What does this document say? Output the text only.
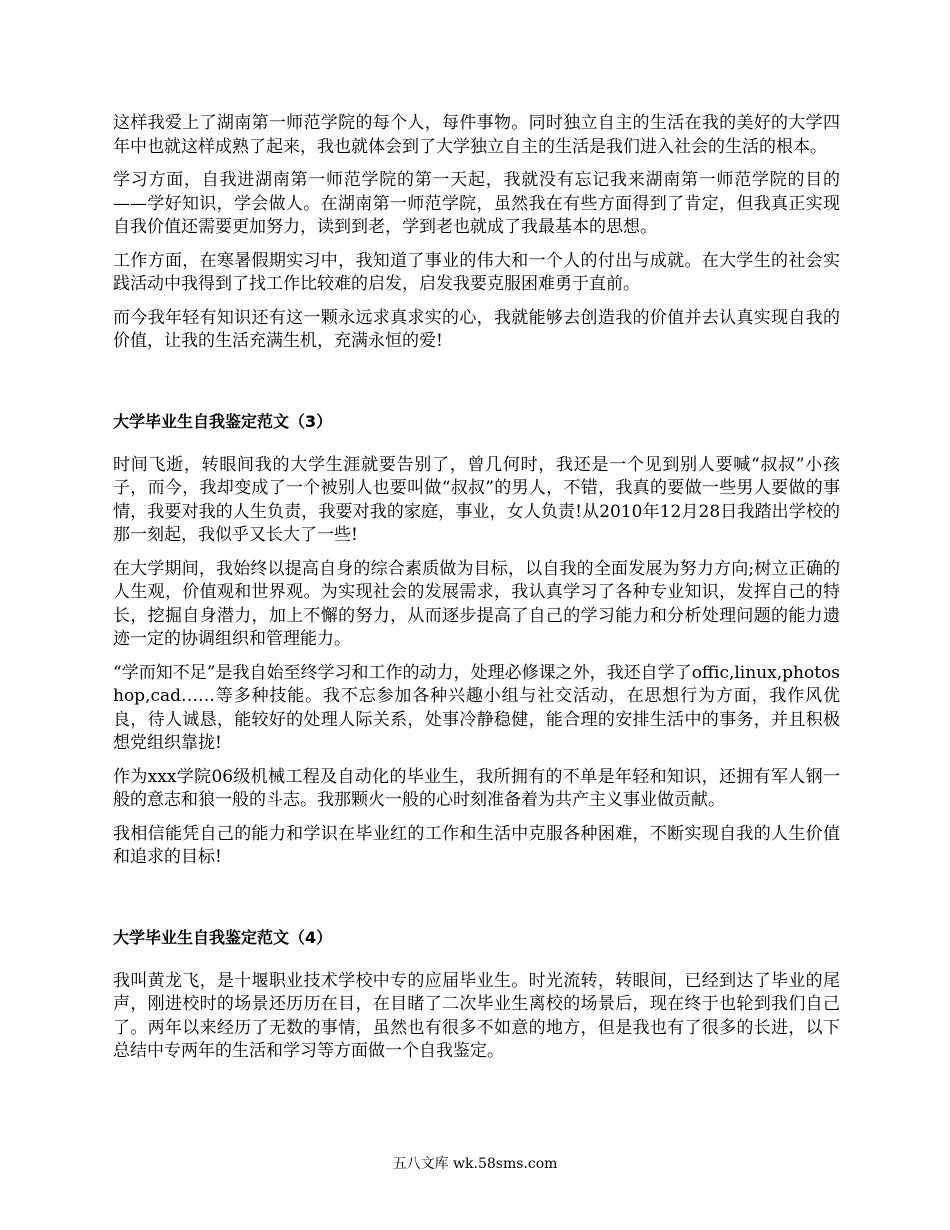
这样我爱上了湖南第一师范学院的每个人，每件事物。同时独立自主的生活在我的美好的大学四年中也就这样成熟了起来，我也就体会到了大学独立自主的生活是我们进入社会的生活的根本。

学习方面，自我进湖南第一师范学院的第一天起，我就没有忘记我来湖南第一师范学院的目的——学好知识，学会做人。在湖南第一师范学院，虽然我在有些方面得到了肯定，但我真正实现自我价值还需要更加努力，读到到老，学到老也就成了我最基本的思想。

工作方面，在寒暑假期实习中，我知道了事业的伟大和一个人的付出与成就。在大学生的社会实践活动中我得到了找工作比较难的启发，启发我要克服困难勇于直前。

而今我年轻有知识还有这一颗永远求真求实的心，我就能够去创造我的价值并去认真实现自我的价值，让我的生活充满生机，充满永恒的爱!

大学毕业生自我鉴定范文（3）

时间飞逝，转眼间我的大学生涯就要告别了，曾几何时，我还是一个见到别人要喊“叔叔”小孩子，而今，我却变成了一个被别人也要叫做“叔叔”的男人，不错，我真的要做一些男人要做的事情，我要对我的人生负责，我要对我的家庭，事业，女人负责!从2010年12月28日我踏出学校的那一刻起，我似乎又长大了一些!

在大学期间，我始终以提高自身的综合素质做为目标，以自我的全面发展为努力方向;树立正确的人生观，价值观和世界观。为实现社会的发展需求，我认真学习了各种专业知识，发挥自己的特长，挖掘自身潜力，加上不懈的努力，从而逐步提高了自己的学习能力和分析处理问题的能力遗迹一定的协调组织和管理能力。

“学而知不足”是我自始至终学习和工作的动力，处理必修课之外，我还自学了offic,linux,photoshop,cad……等多种技能。我不忘参加各种兴趣小组与社交活动，在思想行为方面，我作风优良，待人诚恳，能较好的处理人际关系，处事冷静稳健，能合理的安排生活中的事务，并且积极想党组织靠拢!

作为xxx学院06级机械工程及自动化的毕业生，我所拥有的不单是年轻和知识，还拥有军人钢一般的意志和狼一般的斗志。我那颗火一般的心时刻准备着为共产主义事业做贡献。

我相信能凭自己的能力和学识在毕业红的工作和生活中克服各种困难，不断实现自我的人生价值和追求的目标!

大学毕业生自我鉴定范文（4）

我叫黄龙飞，是十堰职业技术学校中专的应届毕业生。时光流转，转眼间，已经到达了毕业的尾声，刚进校时的场景还历历在目，在目睹了二次毕业生离校的场景后，现在终于也轮到我们自己了。两年以来经历了无数的事情，虽然也有很多不如意的地方，但是我也有了很多的长进，以下总结中专两年的生活和学习等方面做一个自我鉴定。

五八文库 wk.58sms.com
